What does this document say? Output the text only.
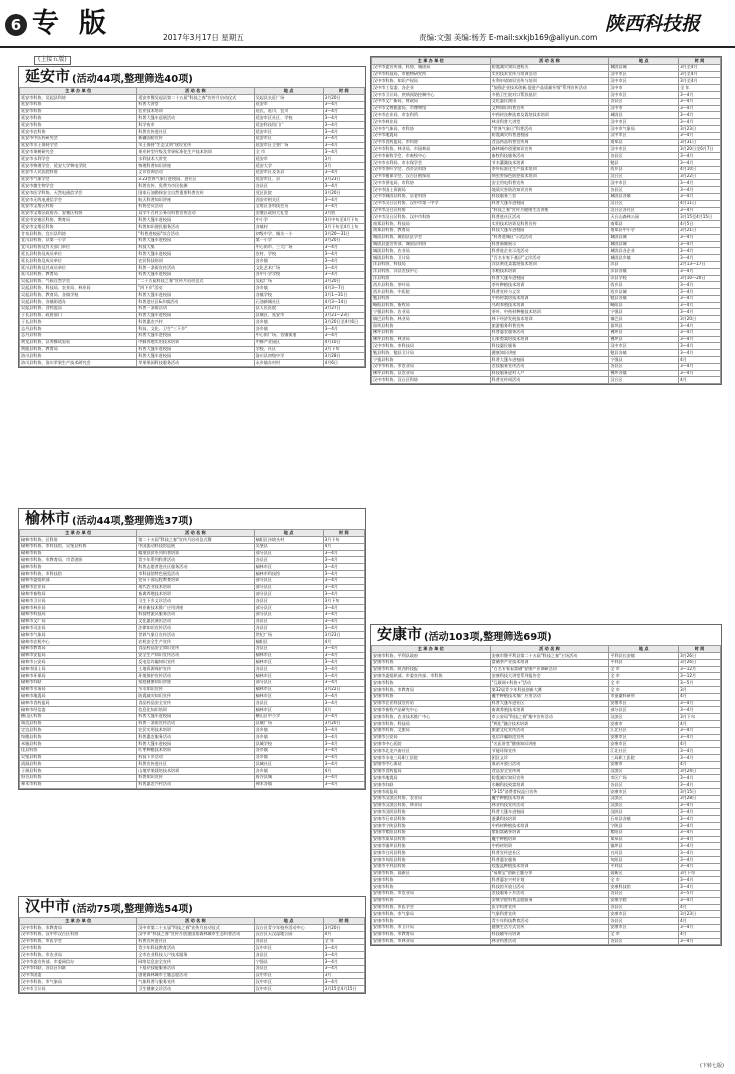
6 专版	2017年3月17日 星期五	责编:文强 美编:杨芳 E-mail:sxkjb169@aliyun.com
陕西科技报
(上接五版)
延安市 (活动44项,整理筛选40项)
主 承 办 单 位	活 动 名 称	地 点	时 间
延安市科协、吴起县科协	延安市暨吴起县第二十五届"科技之春"宣传月启动仪式	吴起县长征广场	3月20日
延安市科协	科普大讲堂	延安市	3—4月
延安市科协	农业技术培训	延长、延川、宜川	3—4月
延安市科协	科普大篷车巡展活动	延安市区社区、学校	3—4月
延安市科协	科学夜市	延安科技馆门广	3—4月
延安市农科协	科普宣传进社区	延安市区	3—4月
延安市中医药研究会	新疆国防宣传	延安市区	3—4月
延安市水土保持学会	水土保持"生态文明"建设宣传	延安市区主要广场	3—4月
延安市果树研究会	果业转型升级及苹果标准化生产技术培训	全 市	3—4月
延安市水利学会	水利技术大讲堂	延安市	3月
延安市物理学会、延安大学物电学院	物理科普知识讲座	延安大学	3月
延安市人民医院科协	义诊咨询活动	延安市区及各县	3—4月
延安市气象学会	3.23世界气象日进校园、进社区	延安市区、县	3月23日
延安市微生物学会	科普宣传、免费为市民检测	各县区	3—4月
延安市医学科协、天然电通信学会	国家石油勘探安全自然重要科普宣传	党区医院	3月20日
延安市无线电通信学会	航天科普知识讲座	西安市相关区	3—4月
延安市宝塔区科协	科协会员活动	宝塔区各科技会员	3—4月
延安市宝塔区政府办、安塞区科协	双学千百村公务员科普宣传活动	安塞区政府大礼堂	3月底
延安市安塞区科协、教育局	科普大篷车进校园	中小学	3月中旬至4月下旬
延安市宝塔区科协	科普知识便民服务活动	各镇村	3月下旬至4月上旬
甘泉县科协、宜川县科协	"科普进校园"综合活动	初级中学、城关一小	3月20—31日
宜川县科协、县第一小学	科普大篷车进校园	第一小学	3月20日
宜川县科协及有关部门单位	科技大集	中心街市、三大广场	3—4月
延长县科协及成员单位	科普大篷车进校园	农村、学校	3—4月
延长县科协及成员单位	农民科技培训	各乡镇	3—4月
延川县科协及其成员单位	科普一条街宣传活动	文化艺术广场	3—4月
延川县科协、教育局	科普大篷车进校园	各中小学学校	3—4月
吴起县科协、气候自然学会	"二十五届科技之春"宣传月启动仪式	吴起广场	3月20日
吴起县科协、科技局、农业局、林业局	"四下乡"活动	各乡镇	4月3—7日
吴起县科协、教育局、各镇学校	科普大篷车进校园	各镇学校	3月1—31日
吴起县科协、各镇街道办	科普进社区&乡镇活动	石油新城社区	4月3—14日
吴起县科协、食药监局	科普一条街活动	县人民医院	3月27日
子长县科协、政府部门	科普大篷车进校园	县城区、延安市	3月21—23日
子长县科协	科普惠农兴村	各乡镇	3月20日至4月6日
志丹县科协	科技、文化、卫生"三下乡"	各乡镇	3—4月
志丹县科协	科普大篷车进校园	中心街广场、各镇街道	3—4月
黄龙县科协、县养蜂试验站	中蜂养殖实用技术培训	中蜂产业园区	4月10日
黄陵县科协、教育局	科普大篷车进校园	学校、社区	3月下旬
洛川县科协	科普大篷车进校园	洛川县初级中学	3月28日
洛川县科协、洛川苹果生产技术研究会	苹果果园科技服务活动	永乡镇办村村	4月6日
榆林市 (活动44项,整理筛选37项)
主 承 办 单 位	活 动 名 称	地 点	时 间
榆林市科协、区科协	第二十五届"科技之春"宣传月启动仪式暨	榆阳区沙坡头村	3月下旬
榆林市科协、市科技馆、吴堡县科协	中国流动科技馆巡展	吴堡县	4月
榆林市科协	精准扶贫系列科普培训	部分县区	3—4月
榆林市科协、市教育局、市青创协	青少年系列科普活动	各县区	3—4月
榆林市科协	科普志愿者进社区服务活动	榆林市区	3—4月
榆林市科协、市科技馆	市科技馆特色展览活动	榆林市科技馆	3—4月
榆林市委组织部	党员干部远程教育培训	部分县区	3—4月
榆林市农业局	现代农业技术培训	部分县区	3—4月
榆林市畜牧局	畜禽养殖技术培训	部分县区	3—4月
榆林市卫计局	卫生下乡义诊活动	各县区	3月下旬
榆林市林业局	林业新技术推广应用讲座	部分县区	3—4月
榆林市科技局	科技特派员服务活动	部分县区	3—4月
榆林市文广局	文化惠民演出活动	各县区	3—4月
榆林市司法局	法律知识宣传活动	各县区	3—4月
榆林市气象局	世界气象日宣传活动	世纪广场	3月23日
榆林市农机中心	农机安全生产宣传	榆阳区	4月
榆林市教育局	食品药品安全知识宣传	各县区	3—4月
榆林市安监局	安全生产知识宣传活动	榆林市区	3—4月
榆林市公安局	反电信诈骗知识宣传	榆林市区	3—4月
榆林市国土局	土地资源保护宣传	各县区	3—4月
榆林市环保局	环境保护宣传活动	榆林市区	3—4月
榆林市妇联	家庭健康知识讲座	部分县区	3—4月
榆林市水务局	节水知识宣传	榆林市区	3月22日
榆林市地震局	防震减灾知识宣传	榆林市区	3—4月
榆林市食药监局	食品药品安全宣传	各县区	3—4月
榆林市经信委	信息化知识培训	榆林市区	4月
横山区科协	科普大篷车进校园	横山区中小学	3—4月
靖边县科协	科普一条街宣传活动	县城广场	3月20日
定边县科协	农民实用技术培训	各乡镇	3—4月
绥德县科协	科普惠农服务活动	各乡镇	3—4月
米脂县科协	科普大篷车进校园	县城学校	3—4月
佳县科协	红枣种植技术培训	各乡镇	3—4月
吴堡县科协	科技下乡活动	各乡镇	3—4月
清涧县科协	科普宣传进社区	县城社区	3—4月
子洲县科协	山地苹果栽培技术培训	各乡镇	4月
府谷县科协	科普知识宣传	府谷县城	3—4月
神木市科协	科普惠农兴村活动	神木各镇	3—4月
汉中市 (活动75项,整理筛选54项)
主 承 办 单 位	活 动 名 称	地 点	时 间
汉中市科协、市教育局	汉中市第二十五届"科技之春"宣传月启动仪式	汉台区青少年校外活动中心	3月20日
汉中市科协、汉中市汉台区科协	汉中市"科技之春"宣传月创建国家森林城市生态科普活动	汉台区天汉湿地公园	4月
汉中市科协、市医学会	科普宣传进社区	各县区	全 年
汉中市科协	青少年科技教育活动	汉中市区	3—4月
汉中市科协、市农业局	全市农业科技入户技术服务	各县区	3—4月
汉中市委宣传部、市委网信办	网络信息安全宣传	宁强县	3—4月
汉中市妇联、各县区妇联	下基层技能服务活动	各县区	3—4月
汉中市团委	创建森林城市主题志愿活动	汉中市区	3月
汉中市科协、市气象局	气象科普与服务宣传	汉中市区	3—4月
汉中市卫计局	卫生健康义诊活动	汉中市区	3月15至4月15日
主 承 办 单 位	活 动 名 称	地 点	时 间
汉中市委宣传部、科协、城固局	防震减灾知识进机关	城固县城	3月至4月
汉中市科技局、市植物研究所	实用技术宣传与培训活动	汉中市区	3月至4月
汉中市科协、知识产权局	专利申请知识宣传与培训	汉中市区	3月至4月
汉中市工信委、各企业	"加强企业技术创新,促进产品质量升级"系列宣传活动	汉中市	全 年
汉中市卫计局、疾病预防控制中心	多措卫生院对口帮扶基层	汉中市区	3—4月
汉中市文广新局、财政局	文化惠民演出	各县区	3—4月
汉中市文物旅游局、市博物馆	文物知识科普宣传	汉中市	3—4月
汉中市农业局、市农科所	中药材良种选育及栽培技术培训	城固县	3—4月
汉中市林业局	林业科普大讲堂	汉中市区	3—4月
汉中市气象局、市科协	"世界气象日"科普活动	汉中市气象局	3月23日
汉中市地震局	防震减灾科普进校园	汉中市区	3—4月
汉中市食药监局、市科协	食品药品科普宣传周	南郑县	3月31日
汉中市科协、林业局、市园林局	森林城市创建知识宣传	汉中市区	3月20日至6月7日
汉中市畜牧学会、市畜牧中心	畜牧科技服务活动	各县区	3—4月
汉中市水利局、市水保学会	节水灌溉技术培训	勉县	3—4月
汉中市茶叶学会、西乡县科协	茶叶标准化生产技术培训	西乡县	4月10日
汉中市植保学会、汉台区植保站	病虫害绿色防控技术培训	汉台区	3月22日
汉中市供电局、市科协	安全用电科普宣传	汉中市区	3—4月
汉中市国土资源局	地质灾害防治知识宣传	各县区	3—4月
汉中市城固县科协、县老科协	科技服务三农	城固县各镇	3—4月
汉中市汉台区科协、汉中市第一中学	科普大篷车进校园	汉台区	4月11日
汉中市汉台区科协	"科技之春"宣传月健康生活讲座	汉台区各社区	3—4月
汉中市汉台区科协、汉中市科协	科普进社区活动	天台山森林公园	3月15至4月15日
南郑县科协、科技局	实用技术培训及科普宣传	南郑县	4月5日
南郑县科协、教育局	科技大篷车进校园	南郑县中小学	3月21日
城固县科协、城固县医学会	"科普进城区"示范活动	城固县城	3—4月
城固县委宣传部、城固县科协	科普画廊展示	城固县城	3—4月
城固县科协、农业局	科普进企业示范活动	城固县各企业	3—4月
城固县科协、卫计局	"百名专家下基层"义诊活动	城固县乡镇	3—4月
洋县科协、科技局	洋县黄花菜栽培技术培训	洋县	2月13—17日
洋县科协、洋县农技中心	水稻技术培训	洋县各镇	3—4月
洋县科协	科普大篷车进校园	洋县学校	3月10—20日
西乡县科协、茶叶局	茶叶种植技术培训	西乡县	3—4月
西乡县科协、中医院	科普宣传与义诊	西乡县城	3—4月
勉县科协	中药材栽培技术培训	勉县各镇	3—4月
略阳县科协、畜牧局	乌鸡养殖技术培训	略阳县	3—4月
宁强县科协、农业局	茶叶、中药材种植技术培训	宁强县	3—4月
镇巴县科协、林业局	林下经济发展技术培训	镇巴县	3月20日
留坝县科协	旅游服务科普宣传	留坝县	3—4月
佛坪县科协	科普惠农服务活动	佛坪县	3—4月
佛坪县科协、林业局	山茱萸栽培技术培训	佛坪县	3—4月
汉中市科协、市科技局	科技惠民服务	汉中市区	3—4月
勉县科协、勉县卫计局	健康知识讲座	勉县各镇	3—4月
宁强县科协	科普大篷车进校园	宁强县	4月
汉中市科协、市农业局	农技服务宣传活动	各县区	3—4月
佛坪县科协、县农业局	科技服务进村入户	佛坪各镇	3—4月
汉中市科协、汉台区科协	科普宣传周活动	汉台区	4月
安康市 (活动103项,整理筛选69项)
主 承 办 单 位	活 动 名 称	地 点	时 间
安康市科协、平利县政府	安康市暨平利县第二十五届"科技之春"主场活动	平利县长安镇	3月26日
安康市科协	富硒茶产业技术培训	平利县	3月26日
安康市科协、陕西科技报	"百名专家看富硒"安康产业调研活动	全 市	3—12月
安康市委组织部、市委宣传部、市科协	安康科技大讲堂系列报告会	全 市	3—12月
安康市科协	"互联网+科协+"活动	全 市	3—5月
安康市科协、市教育局	第32届青少年科技创新大赛	全 市	3月
安康市科协	魔芋种植技术推广应用活动	市蚕桑科研所	4月
安康市农业科技宣传站	科普大篷车进社区	安康市区	3—4月
安康市畜牧产品研究中心	畜禽养殖技术培训	部分县区	3—4月
安康市科协、农业技术推广中心	市公安局"科技之春"集中宣传活动	汉滨区	3月下旬
安康市科协、科技局	"两化"融合技术培训	安康市	4月
安康市科协、文旅局	旅游文化宣传活动	江北社区	3—4月
安康市公安局	电信诈骗防范宣传	安康市区	3—4月
安康市中心医院	"名医讲堂"健康知识讲座	安康市区	4月
安康市北龙兴南社区	节能环保宣传	江北社区	3—4月
安康市水电三局职工医院	团区义诊	三局职工医院	3—4月
安康市中心血站	血站开放日活动	安康市	4月
安康市食药监局	食品安全宣传周	汉滨区	3月24日
安康市地震局	防震减灾知识宣传	市区广场	3—4月
安康市妇联	巾帼科技致富培训	各县区	3—4月
安康市质监局	"3·15"消费者权益日宣传	安康市区	3月15日
安康市汉滨区科协、农业局	魔芋种植技术培训	汉滨区	3月28日
安康市汉滨区科协、林业局	林业科技宣传活动	汉滨区	3—4月
安康市汉阴县科协	科普大篷车进校园	汉阴县	3—4月
安康市石泉县科协	蚕桑科技培训	石泉县各镇	3—4月
安康市宁陕县科协	中药材种植技术培训	宁陕县	3—4月
安康市紫阳县科协	紫阳富硒茶培训	紫阳县	3—4月
安康市岚皋县科协	魔芋种植培训	岚皋县	3—4月
安康市镇坪县科协	中药材培训	镇坪县	3—4月
安康市白河县科协	科普宣传进社区	白河县	3—4月
安康市旬阳县科协	科普惠农服务	旬阳县	3—4月
安康市平利县科协	绞股蓝种植技术培训	平利县	3—4月
安康市科协、高新区	"易维宝"创新主题分享	高新区	3月下旬
安康市科协	科普惠农兴村计划	全 市	3—4月
安康市科协	科技馆开放日活动	安康科技馆	3—4月
安康市科协、市农业局	农技服务下乡活动	各县区	3—5月
安康市科协	安康学院科普志愿服务	安康学院	3—4月
安康市科协、市医学会	医学科普宣传	各县区	4月
安康市科协、市气象局	气象科普宣传	安康市区	3月23日
安康市科协	青少年科技教育活动	各县区	4月
安康市科协、市卫计局	健康生活方式宣传	安康市区	3—4月
安康市科协、市教育局	科技辅导员培训	全 市	4月
安康市科协、市林业局	林业科普活动	各县区	3—4月
(下转七版)
